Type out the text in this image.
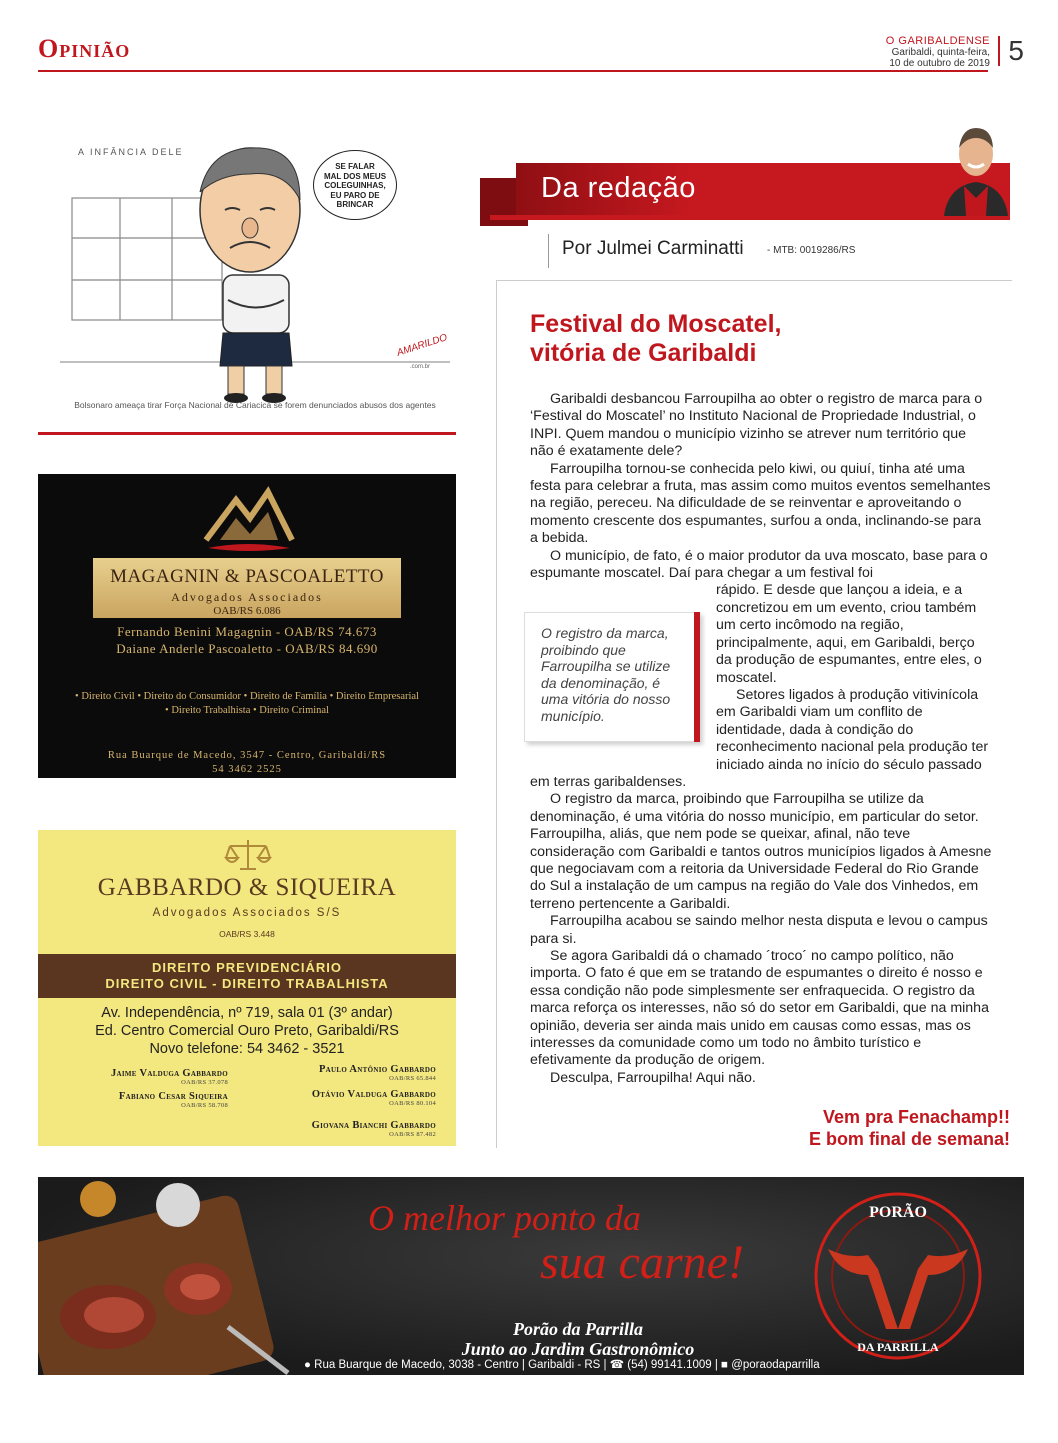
Opinião	O GARIBALDENSE
Garibaldi, quinta-feira,
10 de outubro de 2019 5
A INFÂNCIA DELE
SE FALAR
MAL DOS MEUS
COLEGUINHAS,
EU PARO DE
BRINCAR
AMARILDO
.com.br
Bolsonaro ameaça tirar Força Nacional de Cariacica se forem denunciados abusos dos agentes
MAGAGNIN & PASCOALETTO
Advogados Associados
OAB/RS 6.086
Fernando Benini Magagnin - OAB/RS 74.673
Daiane Anderle Pascoaletto - OAB/RS 84.690
• Direito Civil • Direito do Consumidor • Direito de Família • Direito Empresarial
• Direito Trabalhista • Direito Criminal
Rua Buarque de Macedo, 3547 - Centro, Garibaldi/RS
54 3462 2525
GABBARDO & SIQUEIRA
Advogados Associados S/S
OAB/RS 3.448
DIREITO PREVIDENCIÁRIO
DIREITO CIVIL - DIREITO TRABALHISTA
Av. Independência, nº 719, sala 01 (3º andar)
Ed. Centro Comercial Ouro Preto, Garibaldi/RS
Novo telefone: 54 3462 - 3521
Jaime Valduga Gabbardo
OAB/RS 37.078
Paulo Antônio Gabbardo
OAB/RS 65.844
Fabiano Cesar Siqueira
OAB/RS 58.708
Otávio Valduga Gabbardo
OAB/RS 80.104
Giovana Bianchi Gabbardo
OAB/RS 87.482
Da redação
Por Julmei Carminatti - MTB: 0019286/RS
Festival do Moscatel,
vitória de Garibaldi

Garibaldi desbancou Farroupilha ao obter o registro de marca para o ‘Festival do Moscatel’ no Instituto Nacional de Propriedade Industrial, o INPI. Quem mandou o município vizinho se atrever num território que não é exatamente dele?

Farroupilha tornou-se conhecida pelo kiwi, ou quiuí, tinha até uma festa para celebrar a fruta, mas assim como muitos eventos semelhantes na região, pereceu. Na dificuldade de se reinventar e aproveitando o momento crescente dos espumantes, surfou a onda, inclinando-se para a bebida.

O município, de fato, é o maior produtor da uva moscato, base para o espumante moscatel. Daí para chegar a um festival foi

rápido. E desde que lançou a ideia, e a concretizou em um evento, criou também um certo incômodo na região, principalmente, aqui, em Garibaldi, berço da produção de espumantes, entre eles, o moscatel.

Setores ligados à produção vitivinícola em Garibaldi viam um conflito de identidade, dada à condição do reconhecimento nacional pela produção ter iniciado ainda no início do século passado

em terras garibaldenses.

O registro da marca, proibindo que Farroupilha se utilize da denominação, é uma vitória do nosso município, em particular do setor. Farroupilha, aliás, que nem pode se queixar, afinal, não teve consideração com Garibaldi e tantos outros municípios ligados à Amesne que negociavam com a reitoria da Universidade Federal do Rio Grande do Sul a instalação de um campus na região do Vale dos Vinhedos, em terreno pertencente a Garibaldi.

Farroupilha acabou se saindo melhor nesta disputa e levou o campus para si.

Se agora Garibaldi dá o chamado ´troco´ no campo político, não importa. O fato é que em se tratando de espumantes o direito é nosso e essa condição não pode simplesmente ser enfraquecida. O registro da marca reforça os interesses, não só do setor em Garibaldi, que na minha opinião, deveria ser ainda mais unido em causas como essas, mas os interesses da comunidade como um todo no âmbito turístico e efetivamente da produção de origem.

Desculpa, Farroupilha! Aqui não.

O registro da marca, proibindo que Farroupilha se utilize da denominação, é uma vitória do nosso município.
Vem pra Fenachamp!!
E bom final de semana!
O melhor ponto da
sua carne!
Porão da Parrilla
Junto ao Jardim Gastronômico
● Rua Buarque de Macedo, 3038 - Centro | Garibaldi - RS | ☎ (54) 99141.1009 | ■ @poraodaparrilla
PORÃO
DA PARRILLA
